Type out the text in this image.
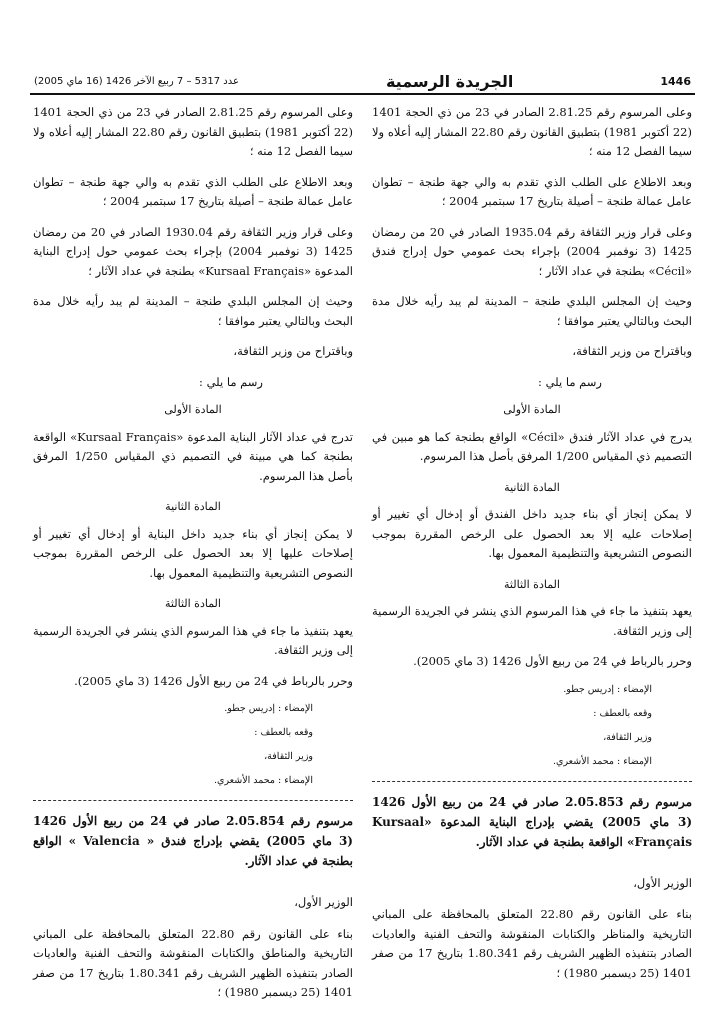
عدد 5317 – 7 ربيع الآخر 1426 (16 ماي 2005)	الجريدة الرسمية	1446

وعلى المرسوم رقم 2.81.25 الصادر في 23 من ذي الحجة 1401 (22 أكتوبر 1981) بتطبيق القانون رقم 22.80 المشار إليه أعلاه ولا سيما الفصل 12 منه ؛

وبعد الاطلاع على الطلب الذي تقدم به والي جهة طنجة – تطوان عامل عمالة طنجة – أصيلة بتاريخ 17 سبتمبر 2004 ؛

وعلى قرار وزير الثقافة رقم 1935.04 الصادر في 20 من رمضان 1425 (3 نوفمبر 2004) بإجراء بحث عمومي حول إدراج فندق «Cécil» بطنجة في عداد الآثار ؛

وحيث إن المجلس البلدي طنجة – المدينة لم يبد رأيه خلال مدة البحث وبالتالي يعتبر موافقا ؛

وباقتراح من وزير الثقافة،

رسم ما يلي :
المادة الأولى

يدرج في عداد الآثار فندق «Cécil» الواقع بطنجة كما هو مبين في التصميم ذي المقياس 1/200 المرفق بأصل هذا المرسوم.

المادة الثانية

لا يمكن إنجاز أي بناء جديد داخل الفندق أو إدخال أي تغيير أو إصلاحات عليه إلا بعد الحصول على الرخص المقررة بموجب النصوص التشريعية والتنظيمية المعمول بها.

المادة الثالثة

يعهد بتنفيذ ما جاء في هذا المرسوم الذي ينشر في الجريدة الرسمية إلى وزير الثقافة.

وحرر بالرباط في 24 من ربيع الأول 1426 (3 ماي 2005).

الإمضاء : إدريس جطو.
وقعه بالعطف :
وزير الثقافة،
الإمضاء : محمد الأشعري.
مرسوم رقم 2.05.853 صادر في 24 من ربيع الأول 1426 (3 ماي 2005) يقضي بإدراج البناية المدعوة «Kursaal Français» الواقعة بطنجة في عداد الآثار.
الوزير الأول،

بناء على القانون رقم 22.80 المتعلق بالمحافظة على المباني التاريخية والمناظر والكتابات المنقوشة والتحف الفنية والعاديات الصادر بتنفيذه الظهير الشريف رقم 1.80.341 بتاريخ 17 من صفر 1401 (25 ديسمبر 1980) ؛

وعلى المرسوم رقم 2.81.25 الصادر في 23 من ذي الحجة 1401 (22 أكتوبر 1981) بتطبيق القانون رقم 22.80 المشار إليه أعلاه ولا سيما الفصل 12 منه ؛

وبعد الاطلاع على الطلب الذي تقدم به والي جهة طنجة – تطوان عامل عمالة طنجة – أصيلة بتاريخ 17 سبتمبر 2004 ؛

وعلى قرار وزير الثقافة رقم 1930.04 الصادر في 20 من رمضان 1425 (3 نوفمبر 2004) بإجراء بحث عمومي حول إدراج البناية المدعوة «Kursaal Français» بطنجة في عداد الآثار ؛

وحيث إن المجلس البلدي طنجة – المدينة لم يبد رأيه خلال مدة البحث وبالتالي يعتبر موافقا ؛

وباقتراح من وزير الثقافة،

رسم ما يلي :
المادة الأولى

تدرج في عداد الآثار البناية المدعوة «Kursaal Français» الواقعة بطنجة كما هي مبينة في التصميم ذي المقياس 1/250 المرفق بأصل هذا المرسوم.

المادة الثانية

لا يمكن إنجاز أي بناء جديد داخل البناية أو إدخال أي تغيير أو إصلاحات عليها إلا بعد الحصول على الرخص المقررة بموجب النصوص التشريعية والتنظيمية المعمول بها.

المادة الثالثة

يعهد بتنفيذ ما جاء في هذا المرسوم الذي ينشر في الجريدة الرسمية إلى وزير الثقافة.

وحرر بالرباط في 24 من ربيع الأول 1426 (3 ماي 2005).

الإمضاء : إدريس جطو.
وقعه بالعطف :
وزير الثقافة،
الإمضاء : محمد الأشعري.
مرسوم رقم 2.05.854 صادر في 24 من ربيع الأول 1426 (3 ماي 2005) يقضي بإدراج فندق « Valencia » الواقع بطنجة في عداد الآثار.
الوزير الأول،

بناء على القانون رقم 22.80 المتعلق بالمحافظة على المباني التاريخية والمناطق والكتابات المنقوشة والتحف الفنية والعاديات الصادر بتنفيذه الظهير الشريف رقم 1.80.341 بتاريخ 17 من صفر 1401 (25 ديسمبر 1980) ؛
